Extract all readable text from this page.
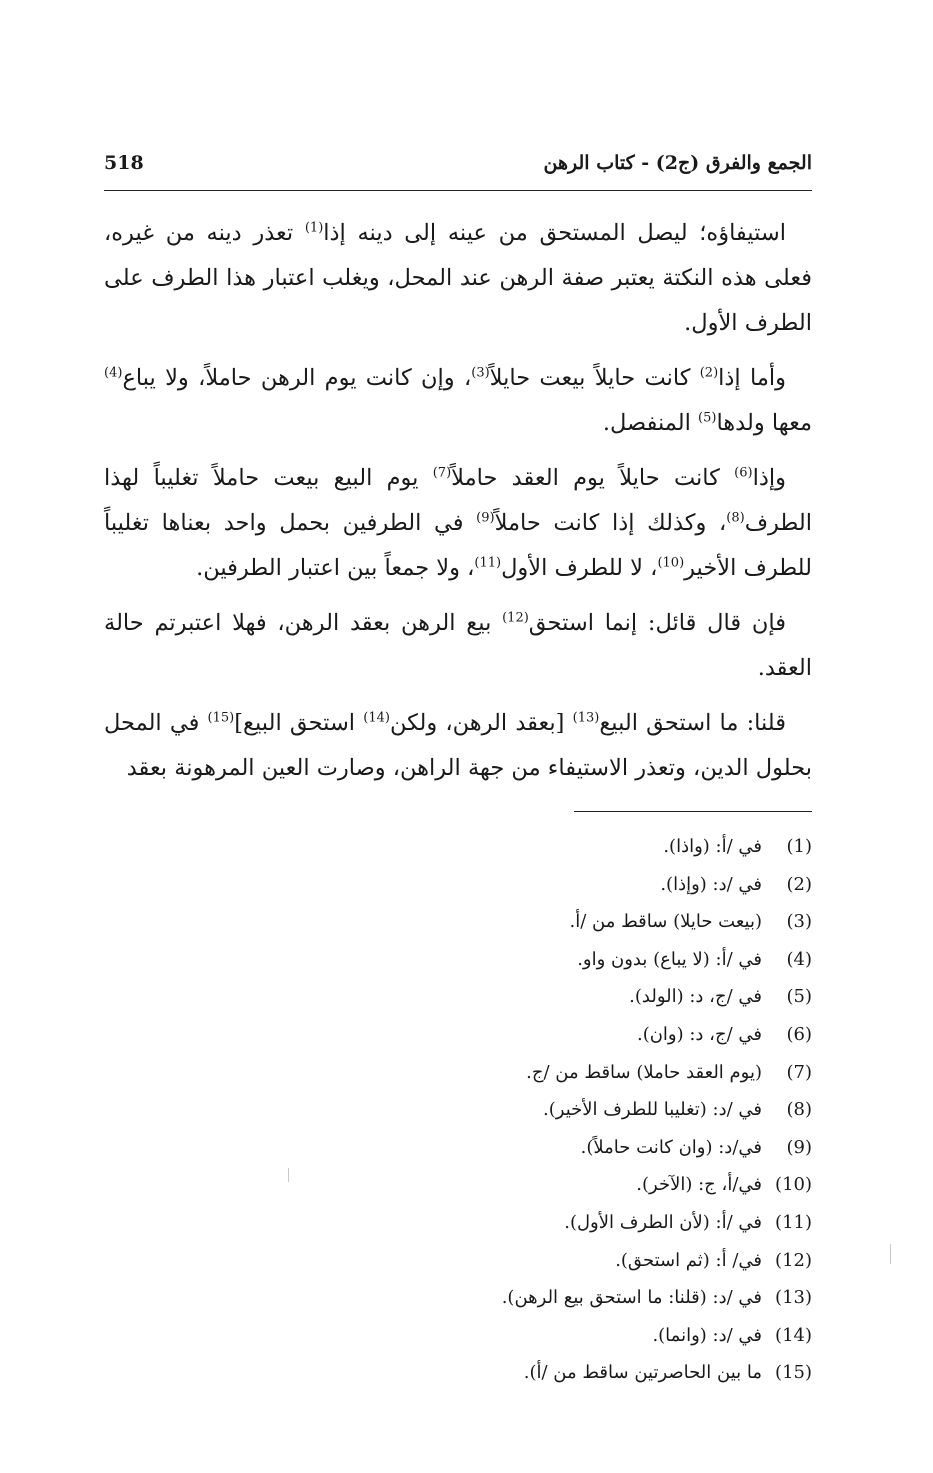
الجمع والفرق (ج2) - كتاب الرهن
518

استيفاؤه؛ ليصل المستحق من عينه إلى دينه إذا$^{(1)}$ تعذر دينه من غيره، فعلى هذه النكتة يعتبر صفة الرهن عند المحل، ويغلب اعتبار هذا الطرف على الطرف الأول.

وأما إذا$^{(2)}$ كانت حايلاً بيعت حايلاً$^{(3)}$، وإن كانت يوم الرهن حاملاً، ولا يباع$^{(4)}$ معها ولدها$^{(5)}$ المنفصل.

وإذا$^{(6)}$ كانت حايلاً يوم العقد حاملاً$^{(7)}$ يوم البيع بيعت حاملاً تغليباً لهذا الطرف$^{(8)}$، وكذلك إذا كانت حاملاً$^{(9)}$ في الطرفين بحمل واحد بعناها تغليباً للطرف الأخير$^{(10)}$، لا للطرف الأول$^{(11)}$، ولا جمعاً بين اعتبار الطرفين.

فإن قال قائل: إنما استحق$^{(12)}$ بيع الرهن بعقد الرهن، فهلا اعتبرتم حالة العقد.

قلنا: ما استحق البيع$^{(13)}$ [بعقد الرهن، ولكن$^{(14)}$ استحق البيع]$^{(15)}$ في المحل بحلول الدين، وتعذر الاستيفاء من جهة الراهن، وصارت العين المرهونة بعقد

(1)
في /أ: (واذا).
(2)
في /د: (وإذا).
(3)
(بيعت حايلا) ساقط من /أ.
(4)
في /أ: (لا يباع) بدون واو.
(5)
في /ج، د: (الولد).
(6)
في /ج، د: (وان).
(7)
(يوم العقد حاملا) ساقط من /ج.
(8)
في /د: (تغليبا للطرف الأخير).
(9)
في/د: (وان كانت حاملاً).
(10)
في/أ، ج: (الآخر).
(11)
في /أ: (لأن الطرف الأول).
(12)
في/ أ: (ثم استحق).
(13)
في /د: (قلنا: ما استحق بيع الرهن).
(14)
في /د: (وانما).
(15)
ما بين الحاصرتين ساقط من /أ).
